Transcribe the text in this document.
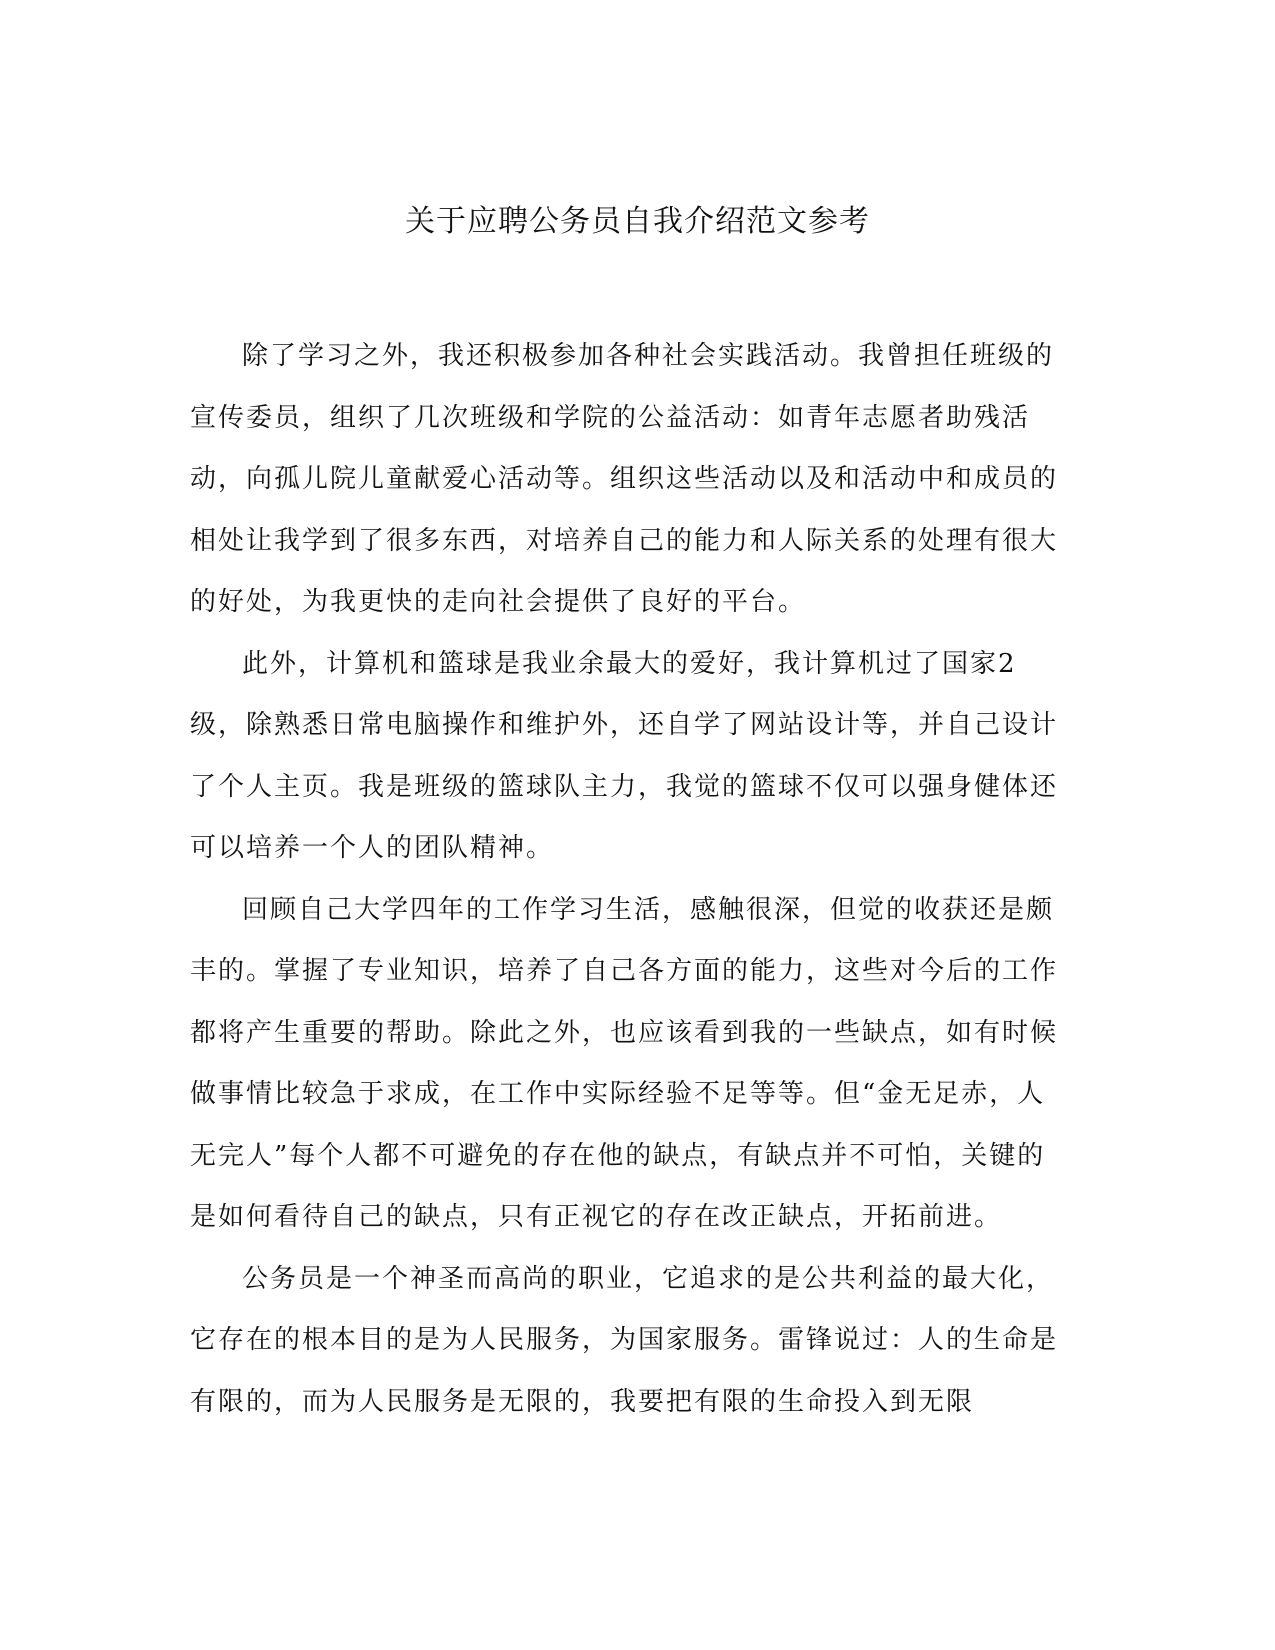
关于应聘公务员自我介绍范文参考

除了学习之外，我还积极参加各种社会实践活动。我曾担任班级的宣传委员，组织了几次班级和学院的公益活动：如青年志愿者助残活动，向孤儿院儿童献爱心活动等。组织这些活动以及和活动中和成员的相处让我学到了很多东西，对培养自己的能力和人际关系的处理有很大的好处，为我更快的走向社会提供了良好的平台。

此外，计算机和篮球是我业余最大的爱好，我计算机过了国家2级，除熟悉日常电脑操作和维护外，还自学了网站设计等，并自己设计了个人主页。我是班级的篮球队主力，我觉的篮球不仅可以强身健体还可以培养一个人的团队精神。

回顾自己大学四年的工作学习生活，感触很深，但觉的收获还是颇丰的。掌握了专业知识，培养了自己各方面的能力，这些对今后的工作都将产生重要的帮助。除此之外，也应该看到我的一些缺点，如有时候做事情比较急于求成，在工作中实际经验不足等等。但“金无足赤，人无完人”每个人都不可避免的存在他的缺点，有缺点并不可怕，关键的是如何看待自己的缺点，只有正视它的存在改正缺点，开拓前进。

公务员是一个神圣而高尚的职业，它追求的是公共利益的最大化，它存在的根本目的是为人民服务，为国家服务。雷锋说过：人的生命是有限的，而为人民服务是无限的，我要把有限的生命投入到无限
